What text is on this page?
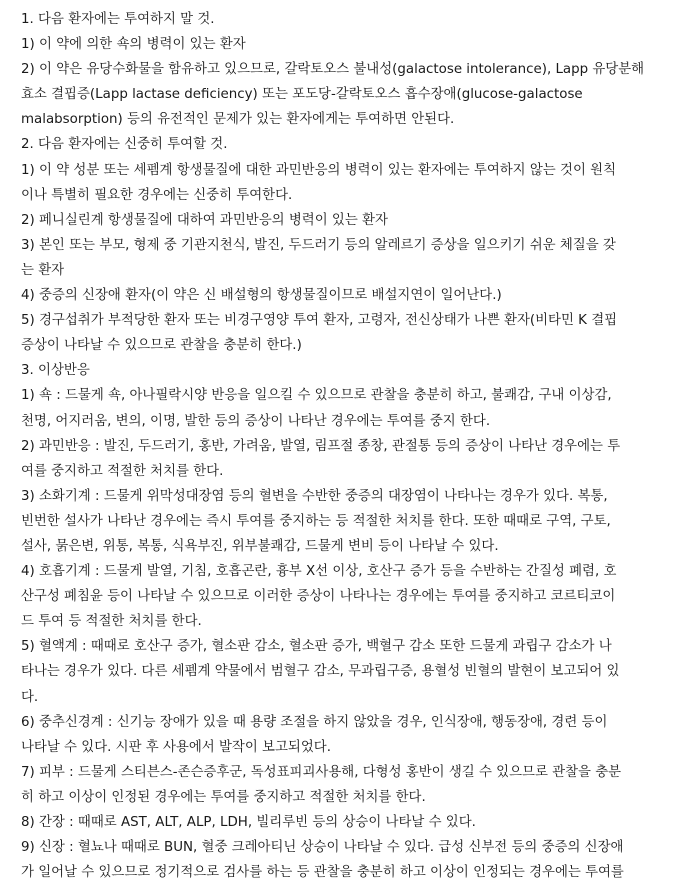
1. 다음 환자에는 투여하지 말 것.
1) 이 약에 의한 쇽의 병력이 있는 환자
2) 이 약은 유당수화물을 함유하고 있으므로, 갈락토오스 불내성(galactose intolerance), Lapp 유당분해
효소 결핍증(Lapp lactase deficiency) 또는 포도당-갈락토오스 흡수장애(glucose-galactose
malabsorption) 등의 유전적인 문제가 있는 환자에게는 투여하면 안된다.
2. 다음 환자에는 신중히 투여할 것.
1) 이 약 성분 또는 세펨계 항생물질에 대한 과민반응의 병력이 있는 환자에는 투여하지 않는 것이 원칙
이나 특별히 필요한 경우에는 신중히 투여한다.
2) 페니실린계 항생물질에 대하여 과민반응의 병력이 있는 환자
3) 본인 또는 부모, 형제 중 기관지천식, 발진, 두드러기 등의 알레르기 증상을 일으키기 쉬운 체질을 갖
는 환자
4) 중증의 신장애 환자(이 약은 신 배설형의 항생물질이므로 배설지연이 일어난다.)
5) 경구섭취가 부적당한 환자 또는 비경구영양 투여 환자, 고령자, 전신상태가 나쁜 환자(비타민 K 결핍
증상이 나타날 수 있으므로 관찰을 충분히 한다.)
3. 이상반응
1) 쇽 : 드물게 쇽, 아나필락시양 반응을 일으킬 수 있으므로 관찰을 충분히 하고, 불쾌감, 구내 이상감,
천명, 어지러움, 변의, 이명, 발한 등의 증상이 나타난 경우에는 투여를 중지 한다.
2) 과민반응 : 발진, 두드러기, 홍반, 가려움, 발열, 림프절 종창, 관절통 등의 증상이 나타난 경우에는 투
여를 중지하고 적절한 처치를 한다.
3) 소화기계 : 드물게 위막성대장염 등의 혈변을 수반한 중증의 대장염이 나타나는 경우가 있다. 복통,
빈번한 설사가 나타난 경우에는 즉시 투여를 중지하는 등 적절한 처치를 한다. 또한 때때로 구역, 구토,
설사, 묽은변, 위통, 복통, 식욕부진, 위부불쾌감, 드물게 변비 등이 나타날 수 있다.
4) 호흡기계 : 드물게 발열, 기침, 호흡곤란, 흉부 X선 이상, 호산구 증가 등을 수반하는 간질성 폐렴, 호
산구성 폐침윤 등이 나타날 수 있으므로 이러한 증상이 나타나는 경우에는 투여를 중지하고 코르티코이
드 투여 등 적절한 처치를 한다.
5) 혈액계 : 때때로 호산구 증가, 혈소판 감소, 혈소판 증가, 백혈구 감소 또한 드물게 과립구 감소가 나
타나는 경우가 있다. 다른 세펨계 약물에서 범혈구 감소, 무과립구증, 용혈성 빈혈의 발현이 보고되어 있
다.
6) 중추신경계 : 신기능 장애가 있을 때 용량 조절을 하지 않았을 경우, 인식장애, 행동장애, 경련 등이
나타날 수 있다. 시판 후 사용에서 발작이 보고되었다.
7) 피부 : 드물게 스티븐스-존슨증후군, 독성표피괴사용해, 다형성 홍반이 생길 수 있으므로 관찰을 충분
히 하고 이상이 인정된 경우에는 투여를 중지하고 적절한 처치를 한다.
8) 간장 : 때때로 AST, ALT, ALP, LDH, 빌리루빈 등의 상승이 나타날 수 있다.
9) 신장 : 혈뇨나 때때로 BUN, 혈중 크레아티닌 상승이 나타날 수 있다. 급성 신부전 등의 중증의 신장애
가 일어날 수 있으므로 정기적으로 검사를 하는 등 관찰을 충분히 하고 이상이 인정되는 경우에는 투여를
